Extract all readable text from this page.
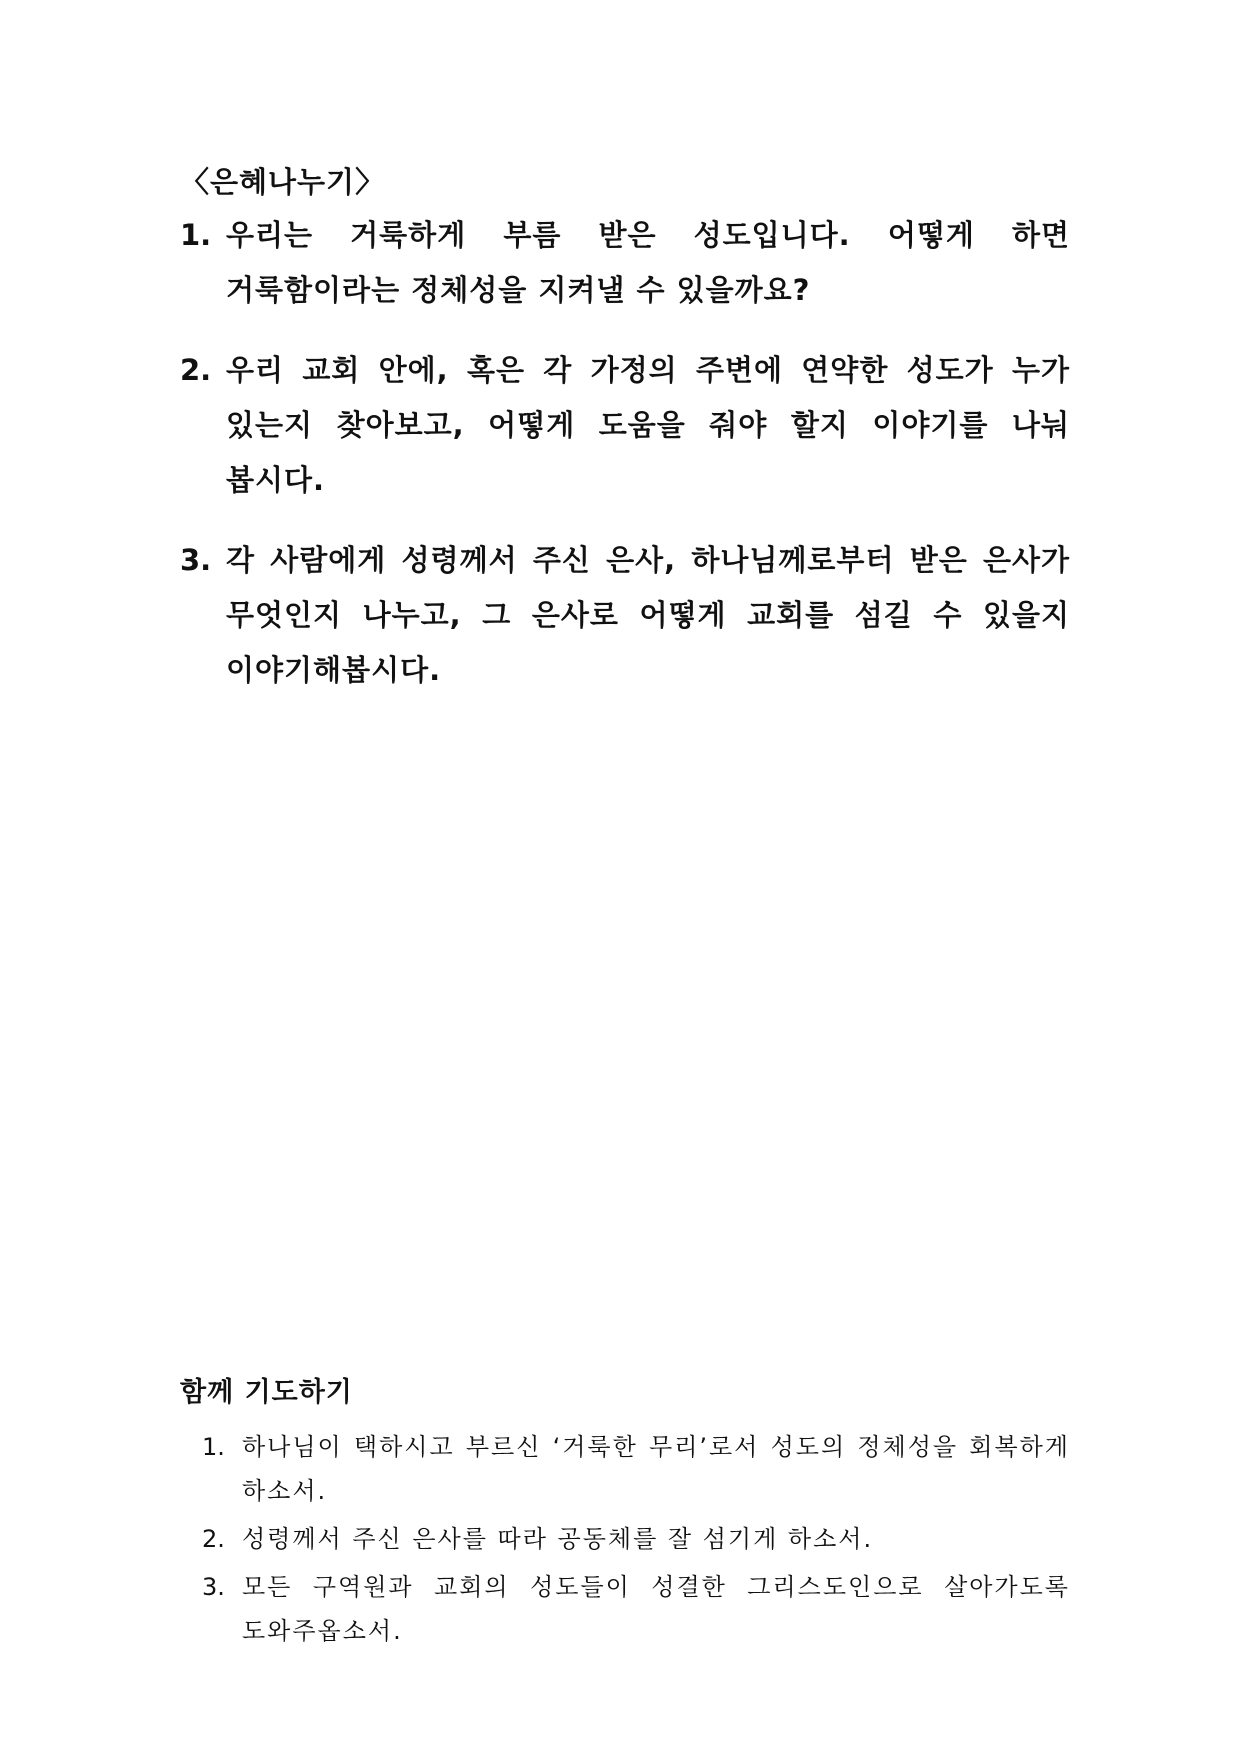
〈은혜나누기〉
1. 우리는 거룩하게 부름 받은 성도입니다. 어떻게 하면 거룩함이라는 정체성을 지켜낼 수 있을까요?
2. 우리 교회 안에, 혹은 각 가정의 주변에 연약한 성도가 누가 있는지 찾아보고, 어떻게 도움을 줘야 할지 이야기를 나눠 봅시다.
3. 각 사람에게 성령께서 주신 은사, 하나님께로부터 받은 은사가 무엇인지 나누고, 그 은사로 어떻게 교회를 섬길 수 있을지 이야기해봅시다.
함께 기도하기
1. 하나님이 택하시고 부르신 ‘거룩한 무리’로서 성도의 정체성을 회복하게 하소서.
2. 성령께서 주신 은사를 따라 공동체를 잘 섬기게 하소서.
3. 모든 구역원과 교회의 성도들이 성결한 그리스도인으로 살아가도록 도와주옵소서.
